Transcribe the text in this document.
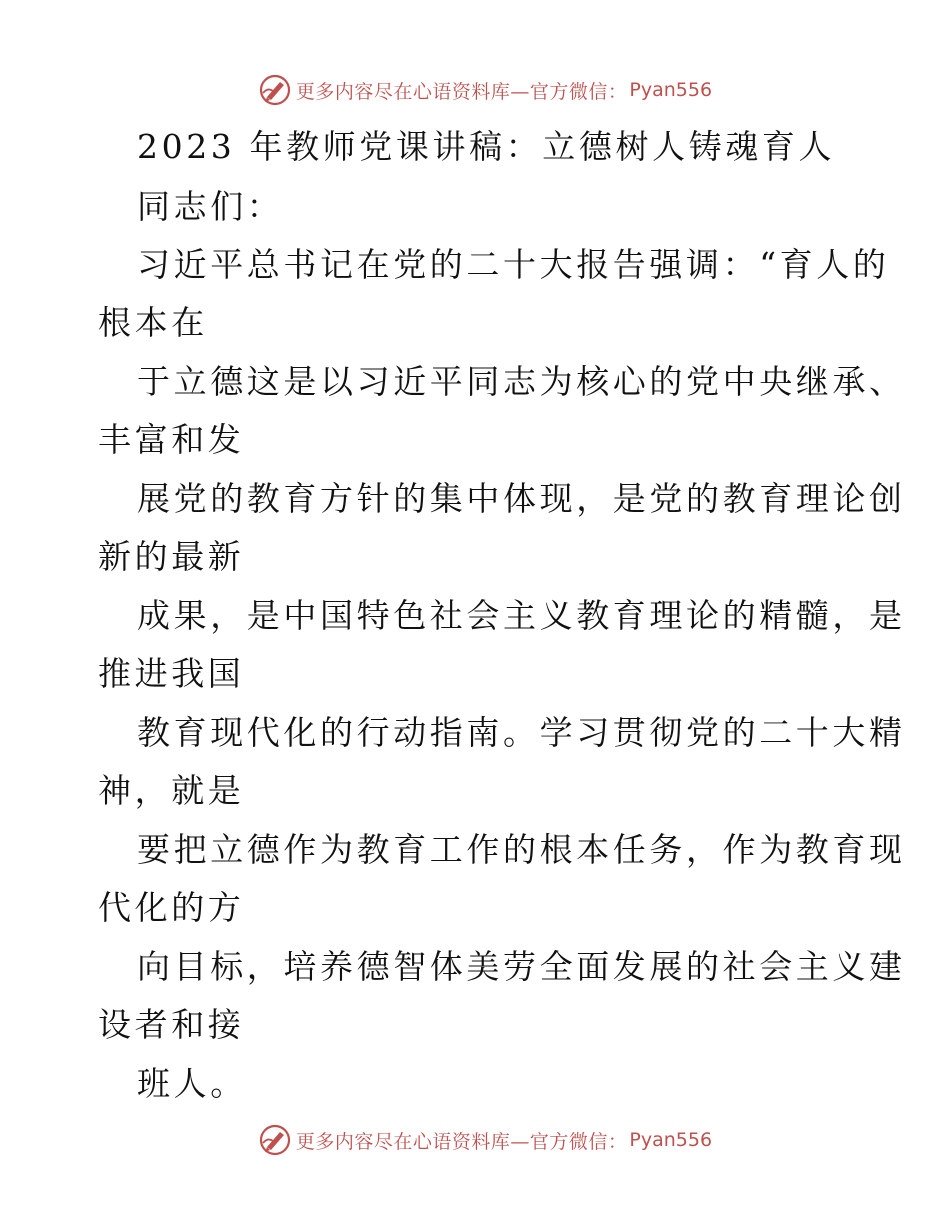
更多内容尽在心语资料库—官方微信： Pyan556
2023 年教师党课讲稿：立德树人铸魂育人
同志们：
习近平总书记在党的二十大报告强调：“育人的
根本在
于立德这是以习近平同志为核心的党中央继承、
丰富和发
展党的教育方针的集中体现，是党的教育理论创
新的最新
成果，是中国特色社会主义教育理论的精髓，是
推进我国
教育现代化的行动指南。学习贯彻党的二十大精
神，就是
要把立德作为教育工作的根本任务，作为教育现
代化的方
向目标，培养德智体美劳全面发展的社会主义建
设者和接
班人。
更多内容尽在心语资料库—官方微信： Pyan556
